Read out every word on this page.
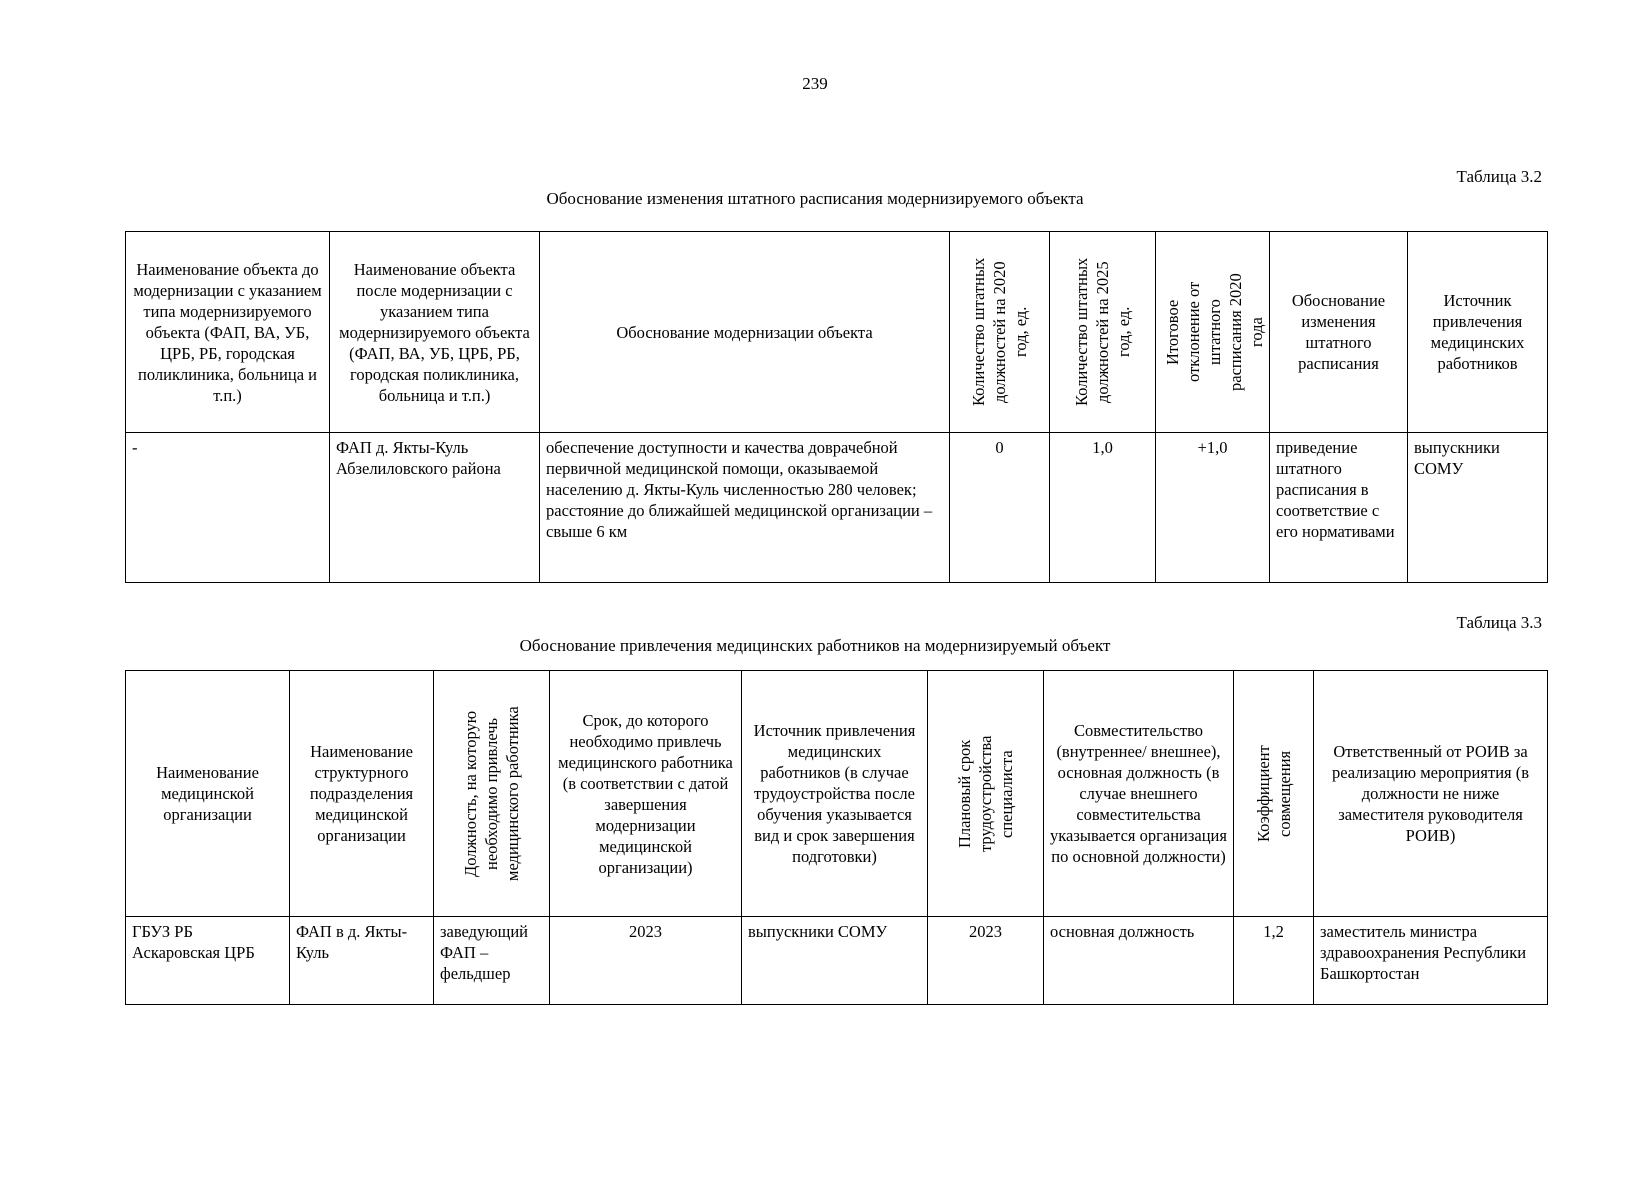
239
Таблица 3.2
Обоснование изменения штатного расписания модернизируемого объекта
Наименование объекта до модернизации с указанием типа модернизируемого объекта (ФАП, ВА, УБ, ЦРБ, РБ, городская поликлиника, больница и т.п.)	Наименование объекта после модернизации с указанием типа модернизируемого объекта (ФАП, ВА, УБ, ЦРБ, РБ, городская поликлиника, больница и т.п.)	Обоснование модернизации объекта	Количество штатных должностей на 2020 год, ед.	Количество штатных должностей на 2025 год, ед.	Итоговое отклонение от штатного расписания 2020 года	Обоснование изменения штатного расписания	Источник привлечения медицинских работников
-	ФАП д. Якты-Куль Абзелиловского района	обеспечение доступности и качества доврачебной первичной медицинской помощи, оказываемой населению д. Якты-Куль численностью 280 человек; расстояние до ближайшей медицинской организации – свыше 6 км	0	1,0	+1,0	приведение штатного расписания в соответствие с его нормативами	выпускники СОМУ
Таблица 3.3
Обоснование привлечения медицинских работников на модернизируемый объект
Наименование медицинской организации	Наименование структурного подразделения медицинской организации	Должность, на которую необходимо привлечь медицинского работника	Срок, до которого необходимо привлечь медицинского работника (в соответствии с датой завершения модернизации медицинской организации)	Источник привлечения медицинских работников (в случае трудоустройства после обучения указывается вид и срок завершения подготовки)	Плановый срок трудоустройства специалиста	Совместительство (внутреннее/ внешнее), основная должность (в случае внешнего совместительства указывается организация по основной должности)	Коэффициент совмещения	Ответственный от РОИВ за реализацию мероприятия (в должности не ниже заместителя руководителя РОИВ)
ГБУЗ РБ Аскаровская ЦРБ	ФАП в д. Якты-Куль	заведующий ФАП – фельдшер	2023	выпускники СОМУ	2023	основная должность	1,2	заместитель министра здравоохранения Республики Башкортостан
